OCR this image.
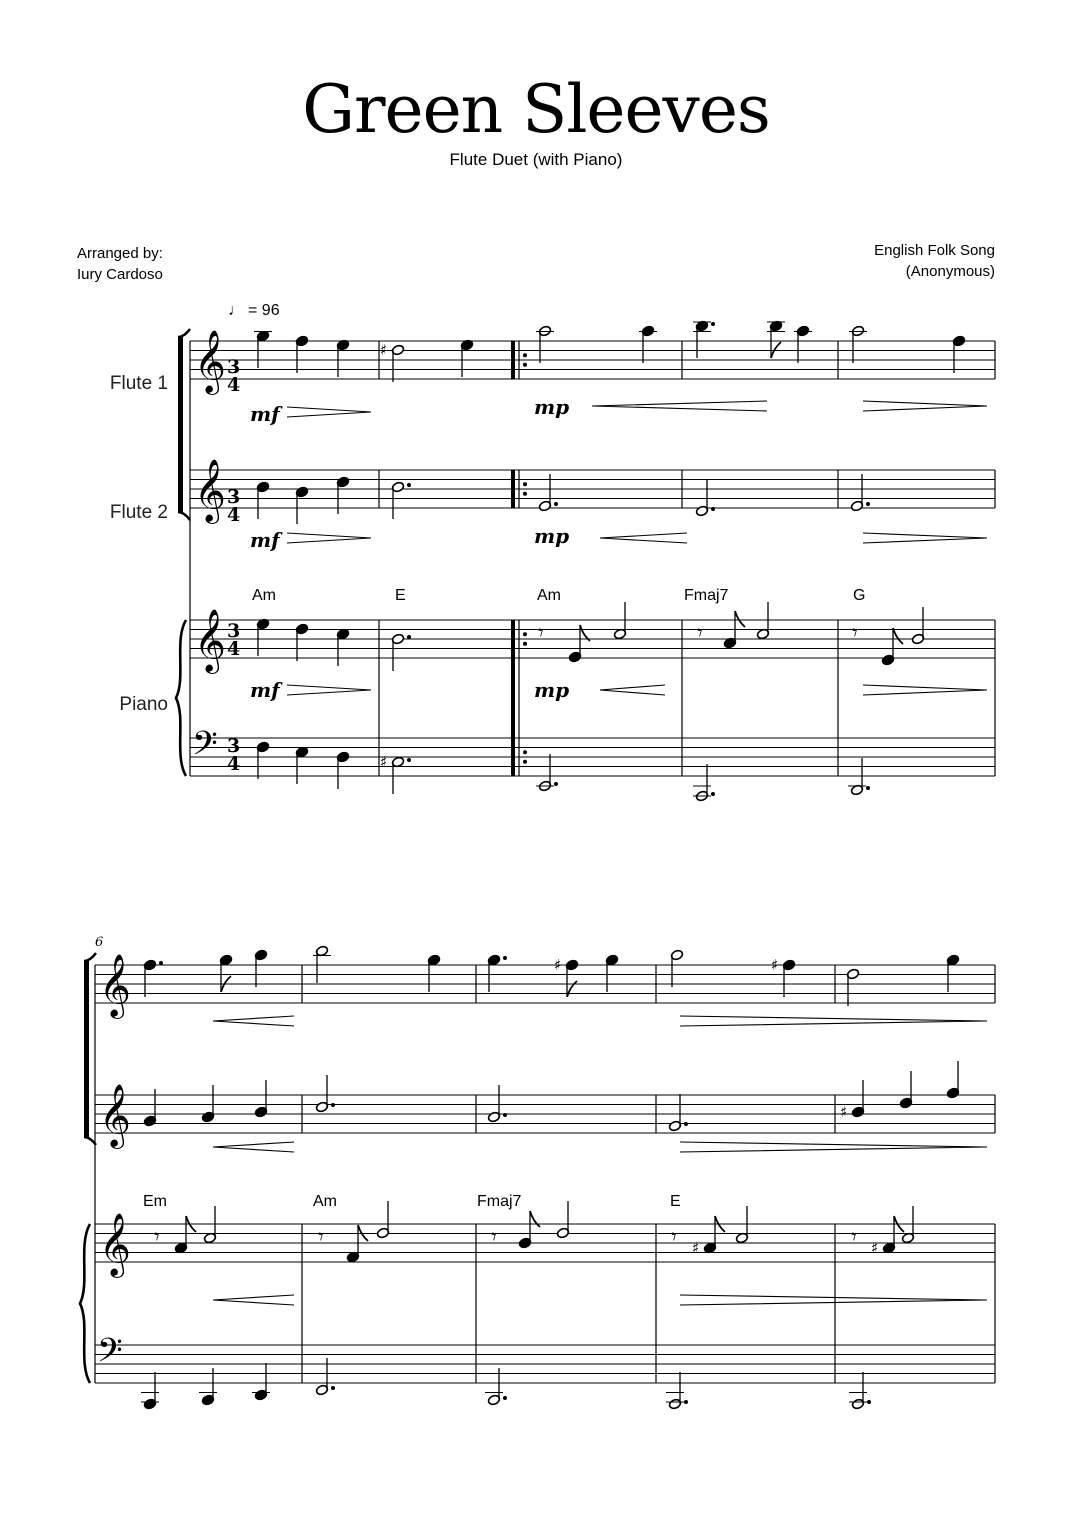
Green Sleeves
Flute Duet (with Piano)
Arranged by:
Iury Cardoso
English Folk Song
(Anonymous)
♩ = 96
𝄞
𝄞
𝄞
𝄢
𝄞
𝄞
𝄞
𝄢
♯
𝄾	𝄾	𝄾
♯
♯	♯
♯
𝄾	𝄾	𝄾	𝄾 ♯	𝄾 ♯
Flute 1
Flute 2
Piano
3
4
3
4
3
4
3
4
mf
mf
mf
mp
mp
mp
Am	E	Am	Fmaj7	G
Em	Am	Fmaj7	E
6
